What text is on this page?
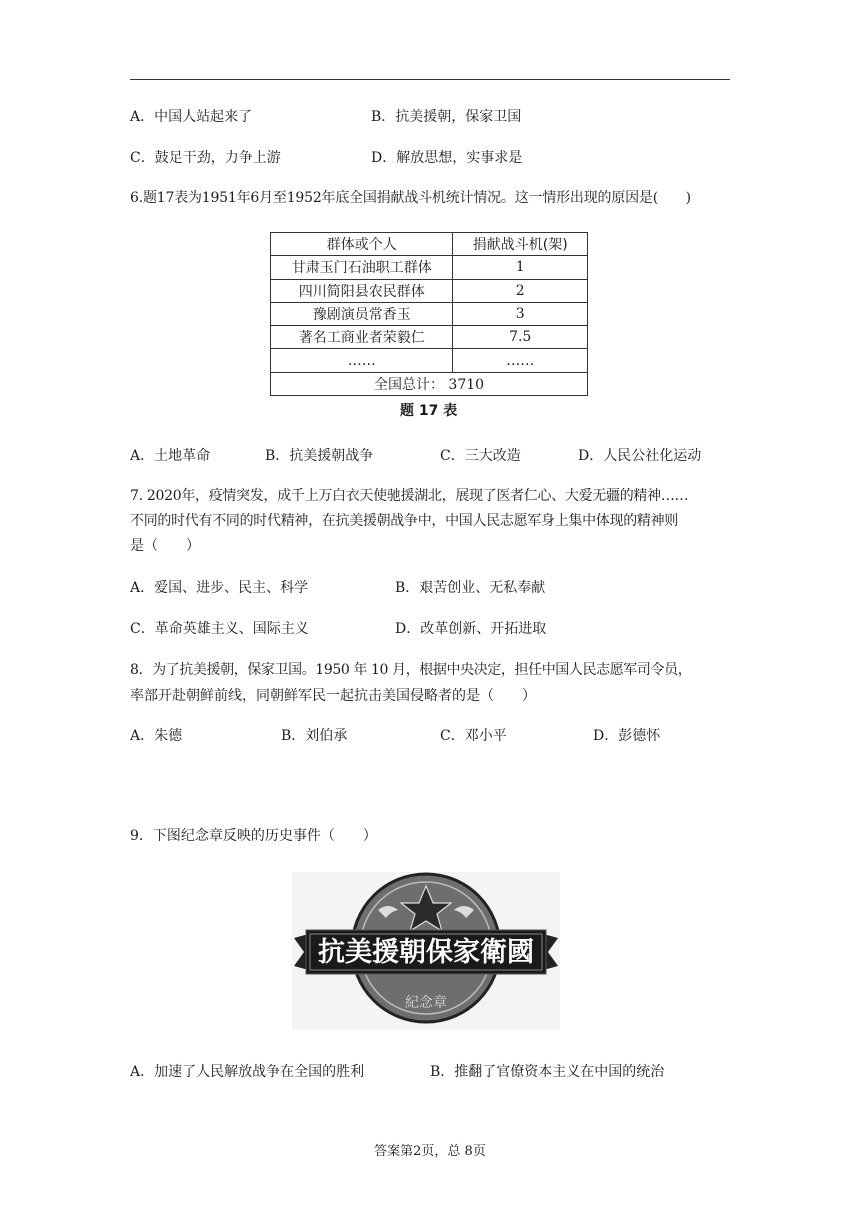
A．中国人站起来了	B．抗美援朝，保家卫国
C．鼓足干劲，力争上游	D．解放思想，实事求是
6.题17表为1951年6月至1952年底全国捐献战斗机统计情况。这一情形出现的原因是(　　)
群体或个人	捐献战斗机(架)
甘肃玉门石油职工群体	1
四川简阳县农民群体	2
豫剧演员常香玉	3
著名工商业者荣毅仁	7.5
……	……
全国总计： 3710	
题 17 表
A．土地革命	B．抗美援朝战争	C．三大改造	D．人民公社化运动
7. 2020年，疫情突发，成千上万白衣天使驰援湖北，展现了医者仁心、大爱无疆的精神……
不同的时代有不同的时代精神，在抗美援朝战争中，中国人民志愿军身上集中体现的精神则
是（　　）
A．爱国、进步、民主、科学	B．艰苦创业、无私奉献
C．革命英雄主义、国际主义	D．改革创新、开拓进取
8．为了抗美援朝，保家卫国。1950 年 10 月，根据中央决定，担任中国人民志愿军司令员，
率部开赴朝鲜前线，同朝鲜军民一起抗击美国侵略者的是（　　）
A．朱德	B．刘伯承	C．邓小平	D．彭德怀
9．下图纪念章反映的历史事件（　　）
抗美援朝保家衛國
紀念章
A．加速了人民解放战争在全国的胜利	B．推翻了官僚资本主义在中国的统治
答案第2页，总 8页
